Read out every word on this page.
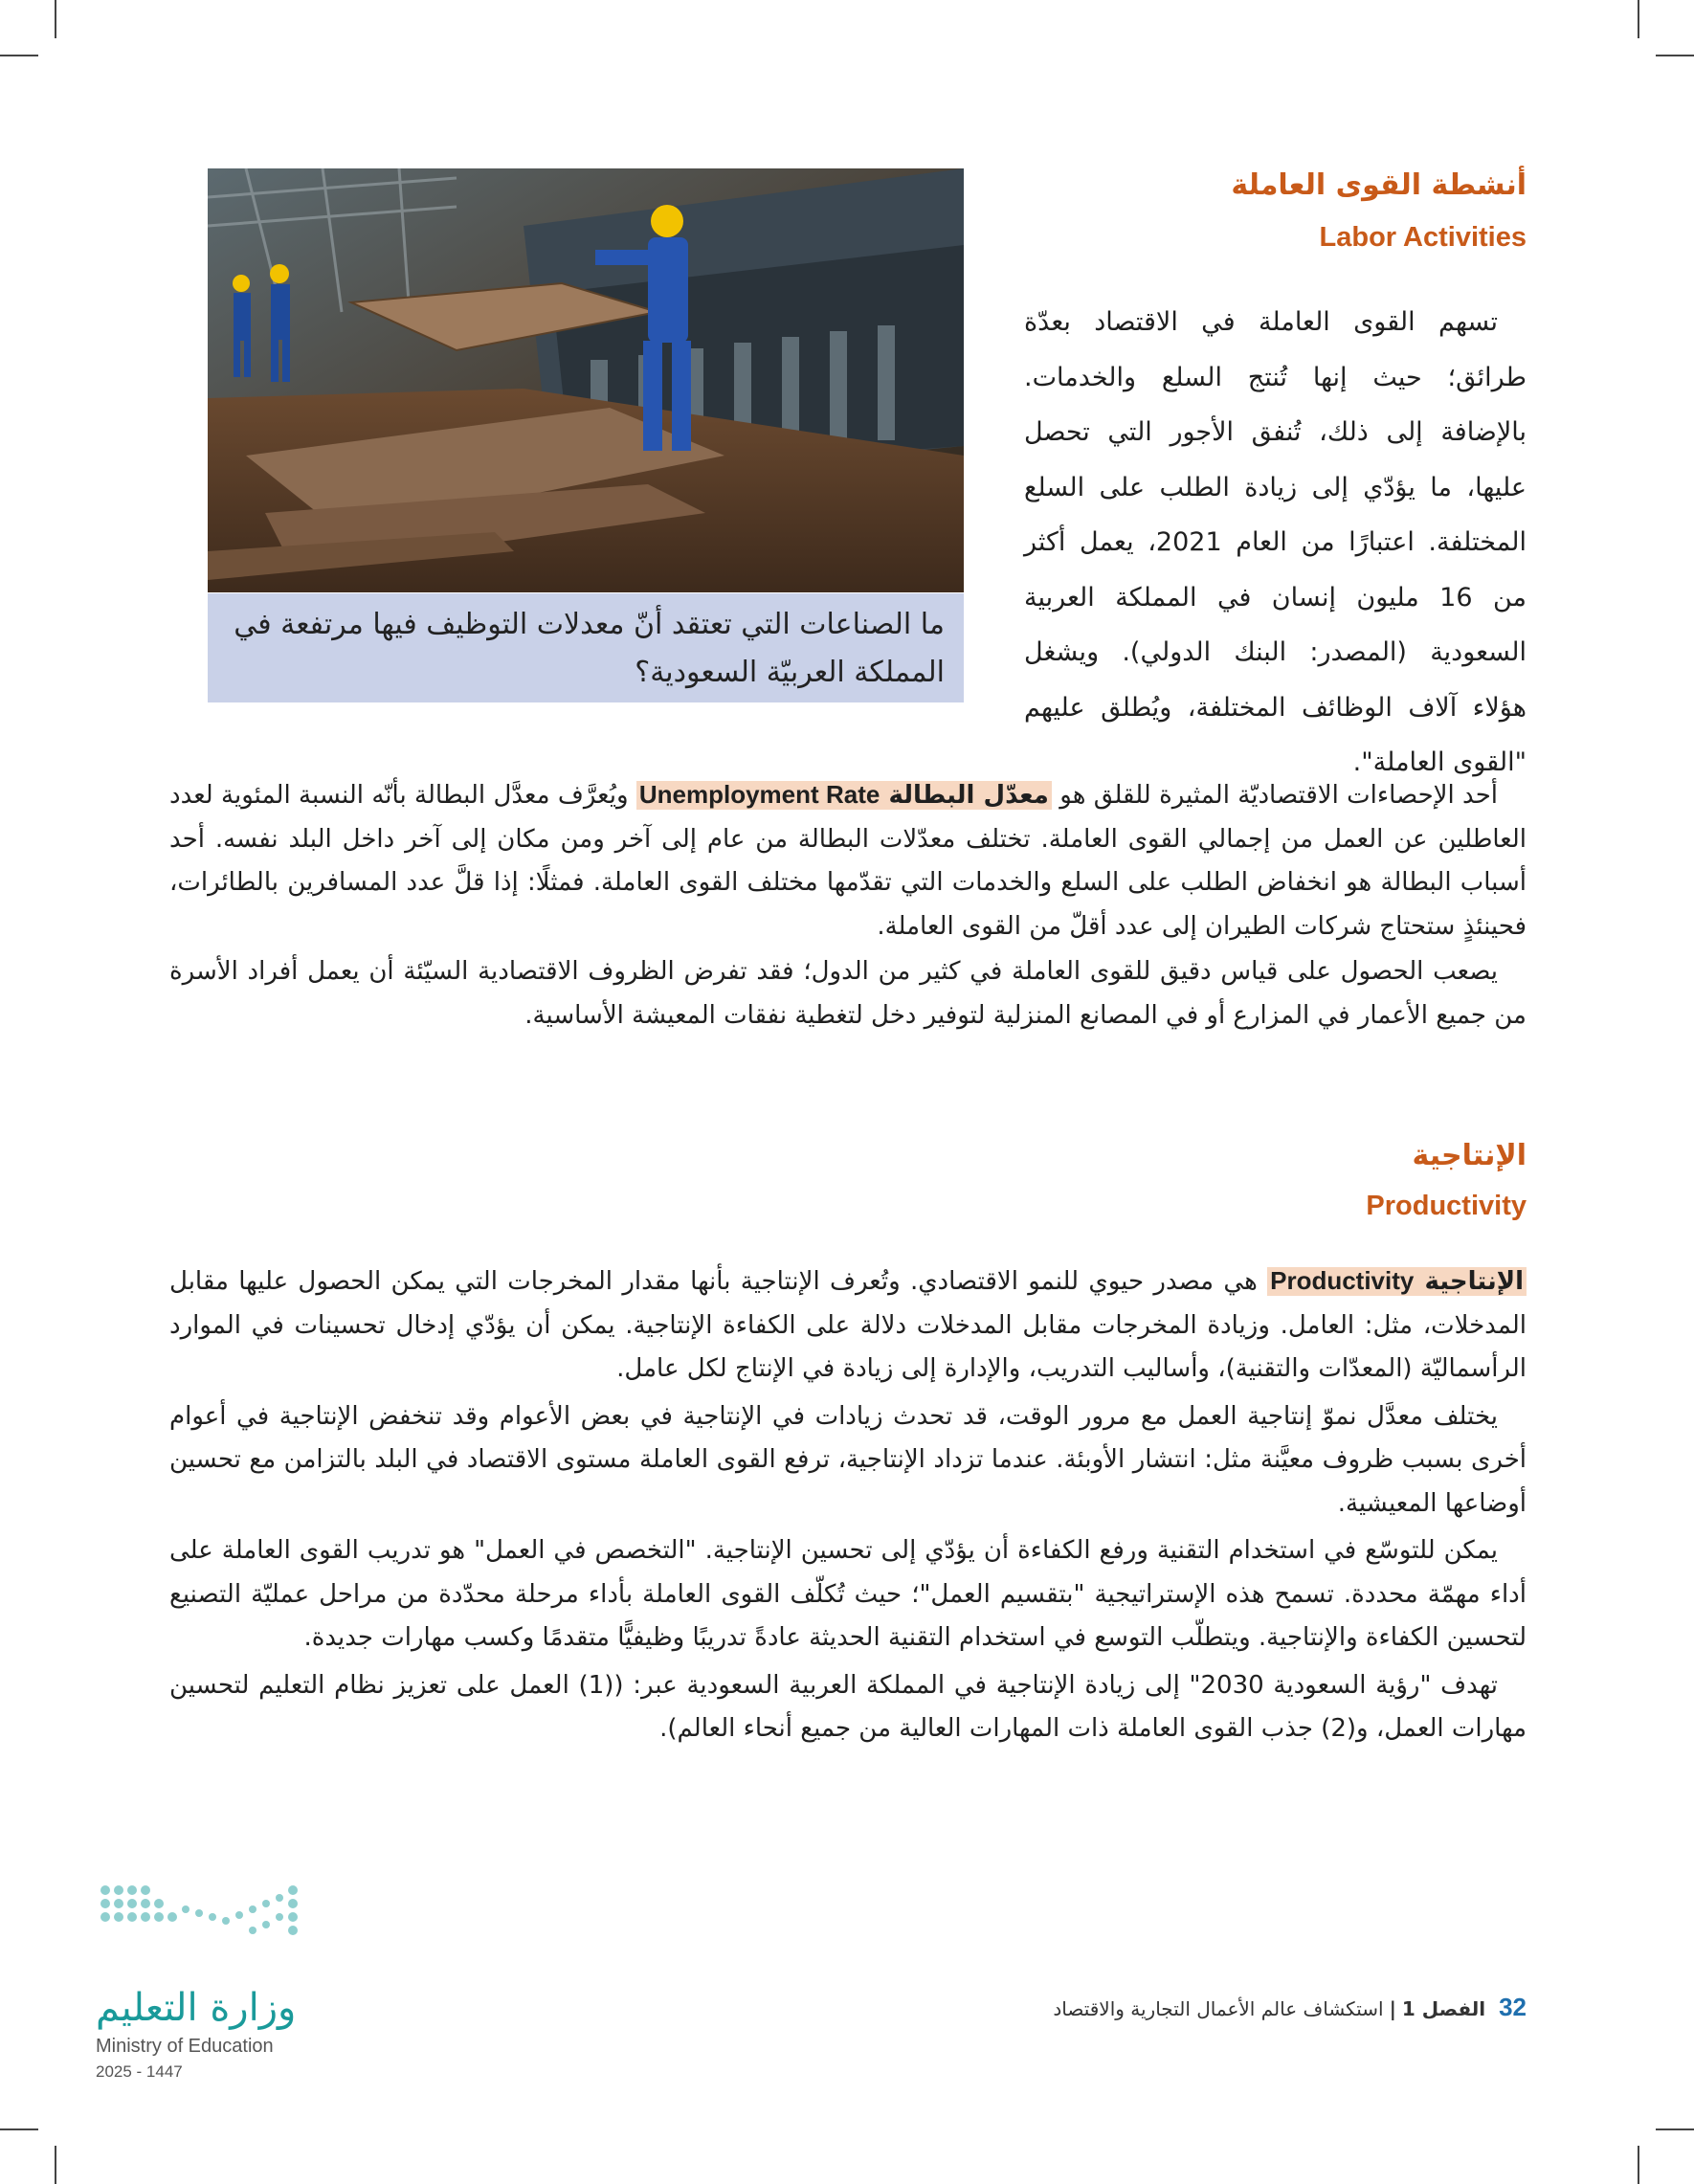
أنشطة القوى العاملة
Labor Activities
ما الصناعات التي تعتقد أنّ معدلات التوظيف فيها مرتفعة في المملكة العربيّة السعودية؟

تسهم القوى العاملة في الاقتصاد بعدّة طرائق؛ حيث إنها تُنتج السلع والخدمات. بالإضافة إلى ذلك، تُنفق الأجور التي تحصل عليها، ما يؤدّي إلى زيادة الطلب على السلع المختلفة. اعتبارًا من العام 2021، يعمل أكثر من 16 مليون إنسان في المملكة العربية السعودية (المصدر: البنك الدولي). ويشغل هؤلاء آلاف الوظائف المختلفة، ويُطلق عليهم "القوى العاملة".

أحد الإحصاءات الاقتصاديّة المثيرة للقلق هو معدّل البطالة Unemployment Rate ويُعرَّف معدَّل البطالة بأنّه النسبة المئوية لعدد العاطلين عن العمل من إجمالي القوى العاملة. تختلف معدّلات البطالة من عام إلى آخر ومن مكان إلى آخر داخل البلد نفسه. أحد أسباب البطالة هو انخفاض الطلب على السلع والخدمات التي تقدّمها مختلف القوى العاملة. فمثلًا: إذا قلَّ عدد المسافرين بالطائرات، فحينئذٍ ستحتاج شركات الطيران إلى عدد أقلّ من القوى العاملة.

يصعب الحصول على قياس دقيق للقوى العاملة في كثير من الدول؛ فقد تفرض الظروف الاقتصادية السيّئة أن يعمل أفراد الأسرة من جميع الأعمار في المزارع أو في المصانع المنزلية لتوفير دخل لتغطية نفقات المعيشة الأساسية.

الإنتاجية
Productivity

الإنتاجية Productivity هي مصدر حيوي للنمو الاقتصادي. وتُعرف الإنتاجية بأنها مقدار المخرجات التي يمكن الحصول عليها مقابل المدخلات، مثل: العامل. وزيادة المخرجات مقابل المدخلات دلالة على الكفاءة الإنتاجية. يمكن أن يؤدّي إدخال تحسينات في الموارد الرأسماليّة (المعدّات والتقنية)، وأساليب التدريب، والإدارة إلى زيادة في الإنتاج لكل عامل.

يختلف معدَّل نموّ إنتاجية العمل مع مرور الوقت، قد تحدث زيادات في الإنتاجية في بعض الأعوام وقد تنخفض الإنتاجية في أعوام أخرى بسبب ظروف معيَّنة مثل: انتشار الأوبئة. عندما تزداد الإنتاجية، ترفع القوى العاملة مستوى الاقتصاد في البلد بالتزامن مع تحسين أوضاعها المعيشية.

يمكن للتوسّع في استخدام التقنية ورفع الكفاءة أن يؤدّي إلى تحسين الإنتاجية. "التخصص في العمل" هو تدريب القوى العاملة على أداء مهمّة محددة. تسمح هذه الإستراتيجية "بتقسيم العمل"؛ حيث تُكلّف القوى العاملة بأداء مرحلة محدّدة من مراحل عمليّة التصنيع لتحسين الكفاءة والإنتاجية. ويتطلّب التوسع في استخدام التقنية الحديثة عادةً تدريبًا وظيفيًّا متقدمًا وكسب مهارات جديدة.

تهدف "رؤية السعودية 2030" إلى زيادة الإنتاجية في المملكة العربية السعودية عبر: ((1) العمل على تعزيز نظام التعليم لتحسين مهارات العمل، و(2) جذب القوى العاملة ذات المهارات العالية من جميع أنحاء العالم).

32الفصل 1|استكشاف عالم الأعمال التجارية والاقتصاد
وزارة التعليم
Ministry of Education
2025 - 1447
